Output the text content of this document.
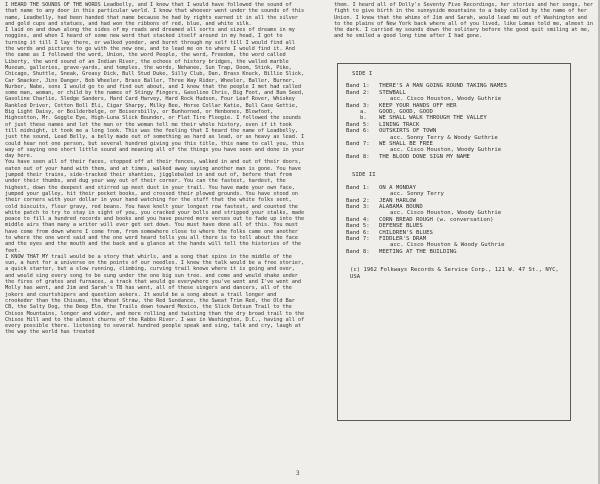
I HEARD THE SOUNDS OF THE WORDS Leadbelly, and I knew that I would have followed the sound of that name to any door in this particular world. I knew that whoever went under the sounds of this name, Leadbelly, had been handed that name because he had by rights earned it in all the silver and gold cups and statues, and had won the ribbons of red, blue, and white silk.

I laid on and down along the sides of my roads and dreamed all sorts and sizes of dreams in my noggins, and when I heard of some new word that stacked itself around in my head, I got to turning it till I lay there, or walked yonder, and burnt through my self till I would find all the words and pictures to go with the new one, and to lead me on to where I would find it. And the same as I followed the word, Union, the word People, the word, Freedom, the word called Liberty, the word sound of an Indian River, the echoes of history bridges, the walled marble Museum, galleries, grave-yards, and temples, the words, Nehanee, Sun Trap, Doom, Stink, Pike, Chicago, Shuttle, Sneak, Greasy Dick, Bull Stud Duke, Silly Club, Dan, Brass Knuck, Billie Slick, Car Smacker, Jinx Danger, Bob Wheeler, Brass Baller, Three Way Rider, Wheeler, Baller, Burner, Nurber, Nabe, sons I would go to and find out about, and I knew that the people I met had called some man, woman, or child by the names of Stingy Fingers, Gasoline Chris, Big Foot, and Bum Seed, Gasoline Charlie, Sledge Sanders, Hard Card Harvey, Hard Rock Hudson, Four Leaf Rover, Whiskey Rankled Driver, Cotton Boll Eli, Cigar Sharpy, Milky Bee, Horse Collar Katie, Bull Case Gettie, Big Light Daisy, or Boilderbelge, or Boisersbilly, or Bunhorned, or Henbones, Blowfoot, Highcotton, Mr. Goggle Eye, High-Luna Slick Bounder, or Flat Tire Floogie. I followed the sounds of just these names and let the man or the woman tell me their whole history, even if it took till midnight, it took me a long look. This was the feeling that I heard the name of Leadbelly, just the sound, Lead Belly, a belly made out of something as hard as lead, or as heavy as lead. I could hear not one person, but several hundred giving you this title, this name to call you, this way of saying one short little sound and meaning all of the things you have seen and done in your day here.

You have seen all of their faces, stopped off at their fences, walked in and out of their doors, eaten out of your hand with them, and at times, walked away saying another man is gone. You have jumped their trains, side-tracked their shanties, jigglebaled in and out of, before that from under their thumbs, and dug your way out of their corner. You can the fastest, hardest, the highest, down the deepest and stirred up most dust in your trail. You have made your own face, jumped your galley, hit their pocket books, and crossed their plowed grounds. You have stood on their corners with your dollar in your hand watching for the stuff that the white folks sent, cold biscuits, flour gravy, red beans. You have knelt your longest row fastest, and counted the white patch to try to stay in sight of you, you cracked your bolls and stripped your stalks, made peace to fill a hundred records and books and you have poured more verses out to fade up into the middle airs than many a writer will ever get set down. You must have done all of this. You must have come from down where I come from, from somewhere close to where the folks came one another to where the one word said and the one word heard tells you all there is to tell about the face and the eyes and the mouth and the back and a glance at the hands will tell the histories of the feet.

I KNOW THAT MY trail would be a story that whirls, and a song that spins in the middle of the sun, a hunt for a universe on the points of our needles. I knew the talk would be a free storier, a quick starter, but a slow running, climbing, curving trail knows where it is going and over, and would sing every song to be sung under the one big sun tree. and come and would shake under the fires of grates and furnaces, a track that would go everywhere you've went and I've went and Molly has went, and Jim and Sarah's TB has went, all of these singers and dancers, all of the jokers and courtshipers and question askers. It would be a song about a trail longer and crookeder than the Chisums, the Wheat Straw, the Red Sundance, the Sweat Trim Red, the Old Bar CB, the Salty Dog, the Deep Elm, the Trails down toward Mexico, the Slick Dotsun Trail to the Chisos Mountains, longer and wider, and more rolling and twisting than the dry broad trail to the Chisos Hill and to the almost churns of the Rabbs River. I was in Washington, D.C., having all of every possible there. listening to several hundred people speak and sing, talk and cry, laugh at the way the world has treated

them. I heard all of Dolly's Seventy Five Recordings, her stories and her songs, her fight to give birth in the sunnyside mountains to a baby called by the name of her Union. I knew that the whims of Jim and Sarah, would lead me out of Washington and to the plains of New York back where all of you lived, like Lomax told me, almost in the dark. I carried my sounds down the solitary before the good quit smiling at me, and he smiled a good long time after I had gone.

SIDE I
Band 1:	THERE'S A MAN GOING ROUND TAKING NAMES
Band 2:	STEWBALL
acc. Cisco Houston, Woody Guthrie
Band 3:	KEEP YOUR HANDS OFF HER
a.	GOOD, GOOD, GOOD
b.	WE SHALL WALK THROUGH THE VALLEY
Band 5:	LINING TRACK
Band 6:	OUTSKIRTS OF TOWN
acc. Sonny Terry & Woody Guthrie
Band 7:	WE SHALL BE FREE
acc. Cisco Houston, Woody Guthrie
Band 8:	THE BLOOD DONE SIGN MY NAME
SIDE II
Band 1:	ON A MONDAY
acc. Sonny Terry
Band 2:	JEAN HARLOW
Band 3:	ALABAMA BOUND
acc. Cisco Houston, Woody Guthrie
Band 4:	CORN BREAD ROUGH (w. conversation)
Band 5:	DEFENSE BLUES
Band 6:	CHILDREN'S BLUES
Band 7:	FIDDLER'S DRAM
acc. Cisco Houston & Woody Guthrie
Band 8:	MEETING AT THE BUILDING
(c) 1962 Folkways Records & Service Corp., 121 W. 47 St., NYC, USA
3
